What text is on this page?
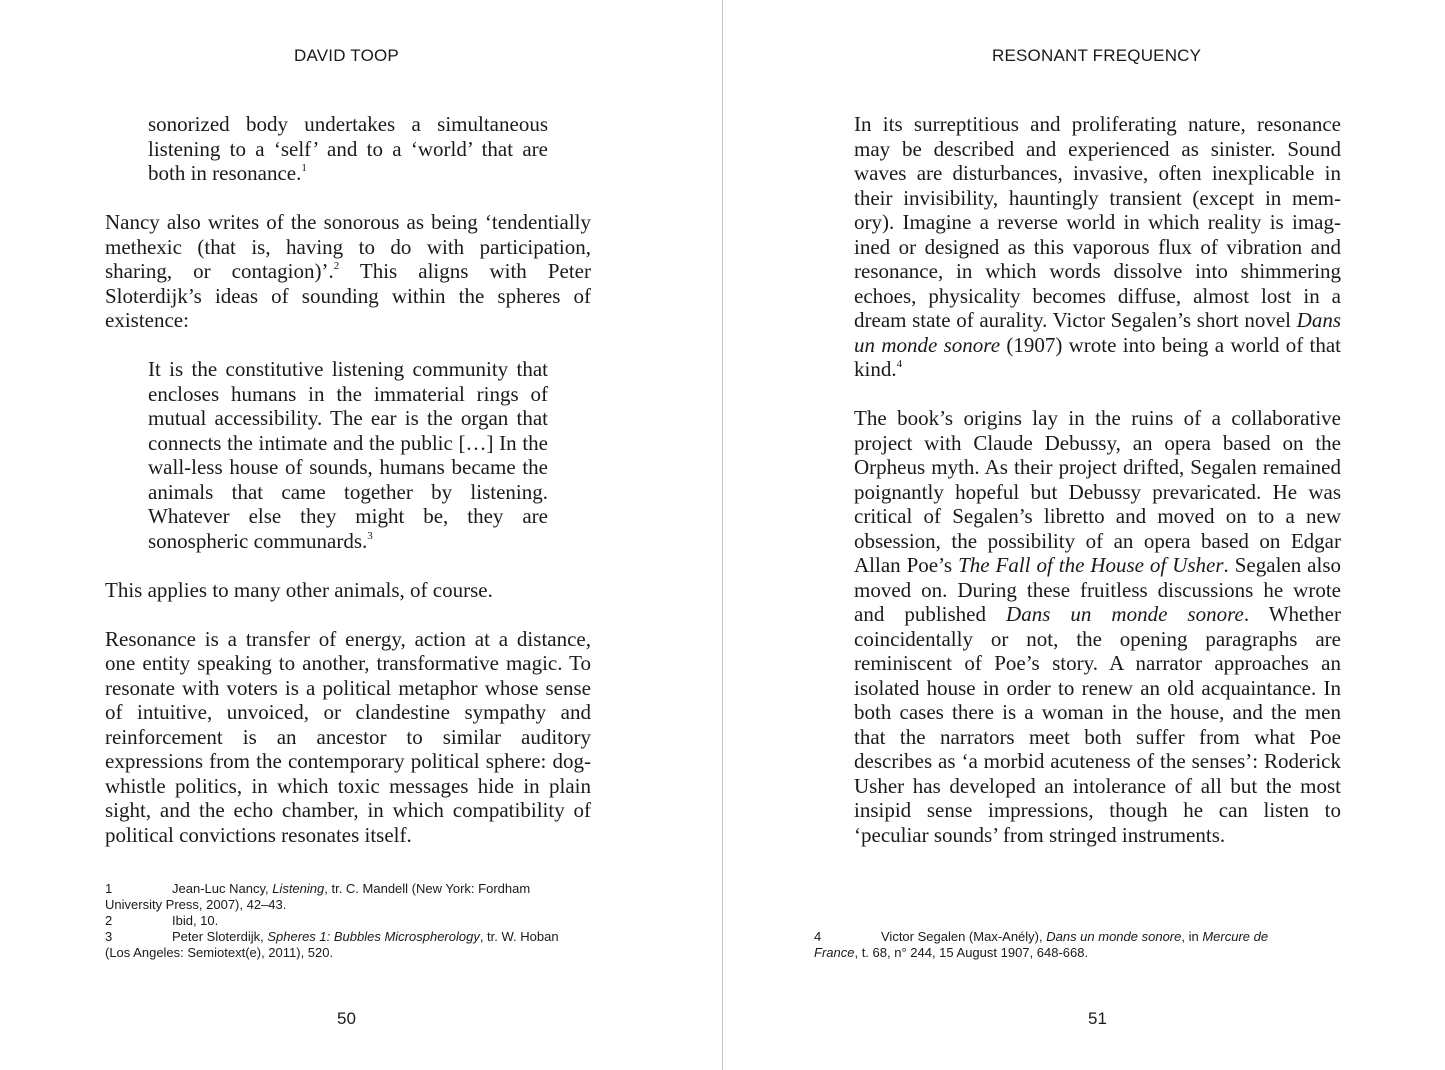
DAVID TOOP

sonorized body undertakes a simultaneous listening to a ‘self’ and to a ‘world’ that are both in resonance.$^1$

Nancy also writes of the sonorous as being ‘tendentially methexic (that is, having to do with participation, sharing, or contagion)’.$^2$ This aligns with Peter Sloterdijk’s ideas of sounding within the spheres of existence:

It is the constitutive listening community that encloses humans in the immaterial rings of mutual accessibility. The ear is the organ that connects the intimate and the public […] In the wall-less house of sounds, humans became the animals that came together by listening. Whatever else they might be, they are sonospheric communards.$^3$

This applies to many other animals, of course.

Resonance is a transfer of energy, action at a distance, one entity speaking to another, transformative magic. To resonate with voters is a political metaphor whose sense of intuitive, unvoiced, or clandestine sympathy and reinforcement is an ancestor to similar auditory expressions from the contemporary political sphere: dog-whistle politics, in which toxic messages hide in plain sight, and the echo chamber, in which compatibility of political convictions resonates itself.

1	Jean-Luc Nancy, Listening, tr. C. Mandell (New York: Fordham University Press, 2007), 42–43.
2	Ibid, 10.
3	Peter Sloterdijk, Spheres 1: Bubbles Microspherology, tr. W. Hoban (Los Angeles: Semiotext(e), 2011), 520.
50
RESONANT FREQUENCY

In its surreptitious and proliferating nature, resonance may be described and experienced as sinister. Sound waves are disturbances, invasive, often inexplicable in their invisibility, hauntingly transient (except in memory). Imagine a reverse world in which reality is imagined or designed as this vaporous flux of vibration and resonance, in which words dissolve into shimmering echoes, physicality becomes diffuse, almost lost in a dream state of aurality. Victor Segalen’s short novel Dans un monde sonore (1907) wrote into being a world of that kind.$^4$

The book’s origins lay in the ruins of a collaborative project with Claude Debussy, an opera based on the Orpheus myth. As their project drifted, Segalen remained poignantly hopeful but Debussy prevaricated. He was critical of Segalen’s libretto and moved on to a new obsession, the possibility of an opera based on Edgar Allan Poe’s The Fall of the House of Usher. Segalen also moved on. During these fruitless discussions he wrote and published Dans un monde sonore. Whether coincidentally or not, the opening paragraphs are reminiscent of Poe’s story. A narrator approaches an isolated house in order to renew an old acquaintance. In both cases there is a woman in the house, and the men that the narrators meet both suffer from what Poe describes as ‘a morbid acuteness of the senses’: Roderick Usher has developed an intolerance of all but the most insipid sense impressions, though he can listen to ‘peculiar sounds’ from stringed instruments.

4	Victor Segalen (Max-Anély), Dans un monde sonore, in Mercure de France, t. 68, n° 244, 15 August 1907, 648-668.
51
